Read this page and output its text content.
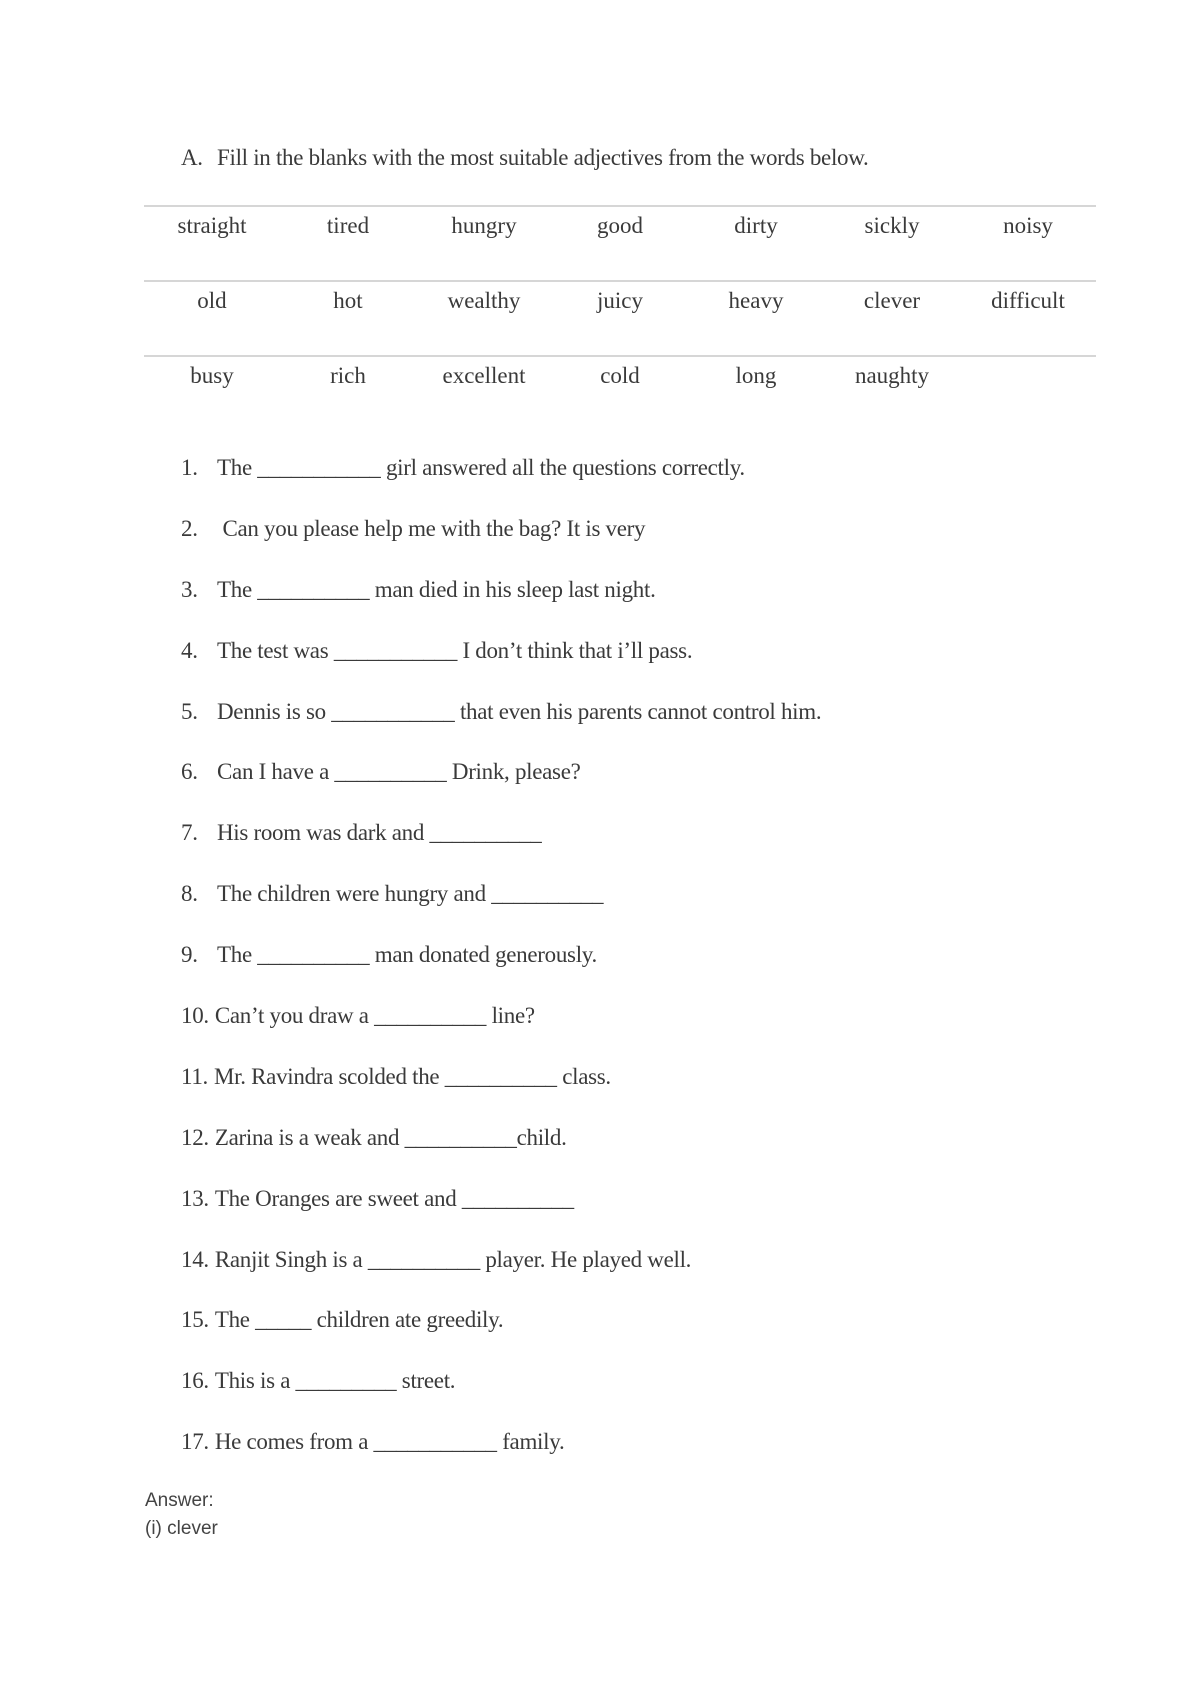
A. Fill in the blanks with the most suitable adjectives from the words below.
straight	tired	hungry	good	dirty	sickly	noisy
old	hot	wealthy	juicy	heavy	clever	difficult
busy	rich	excellent	cold	long	naughty	
1. The ___________ girl answered all the questions correctly.
2. Can you please help me with the bag? It is very
3. The __________ man died in his sleep last night.
4. The test was ___________ I don’t think that i’ll pass.
5. Dennis is so ___________ that even his parents cannot control him.
6. Can I have a __________ Drink, please?
7. His room was dark and __________
8. The children were hungry and __________
9. The __________ man donated generously.
10. Can’t you draw a __________ line?
11. Mr. Ravindra scolded the __________ class.
12. Zarina is a weak and __________child.
13. The Oranges are sweet and __________
14. Ranjit Singh is a __________ player. He played well.
15. The _____ children ate greedily.
16. This is a _________ street.
17. He comes from a ___________ family.
Answer:
(i) clever
